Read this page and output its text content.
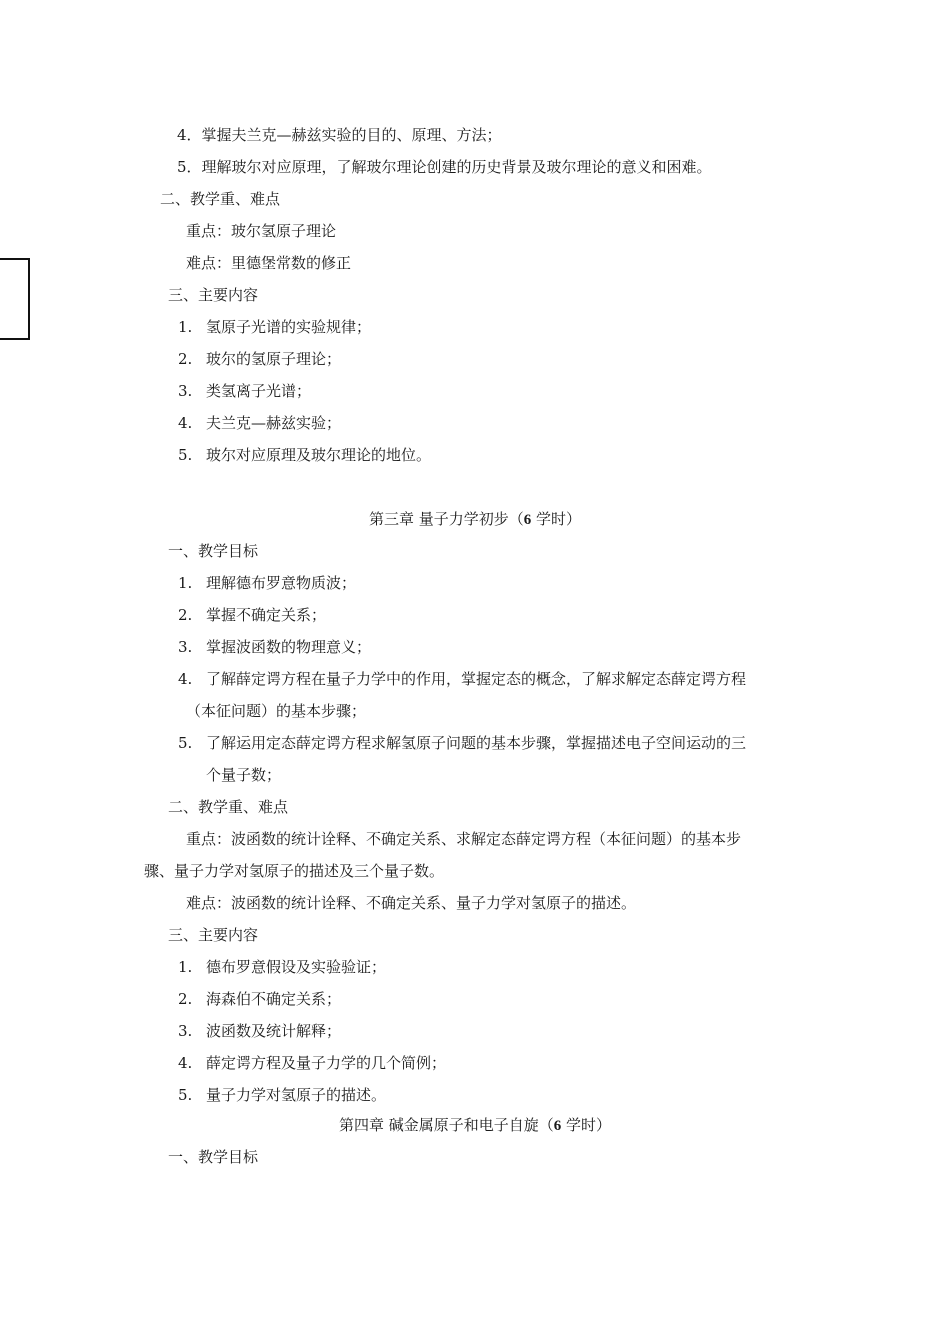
4．掌握夫兰克—赫兹实验的目的、原理、方法；
5．理解玻尔对应原理，了解玻尔理论创建的历史背景及玻尔理论的意义和困难。
二、教学重、难点
重点：玻尔氢原子理论
难点：里德堡常数的修正
三、主要内容
1. 氢原子光谱的实验规律；
2. 玻尔的氢原子理论；
3. 类氢离子光谱；
4. 夫兰克—赫兹实验；
5. 玻尔对应原理及玻尔理论的地位。
第三章 量子力学初步（6 学时）
一、教学目标
1. 理解德布罗意物质波；
2. 掌握不确定关系；
3. 掌握波函数的物理意义；
4. 了解薛定谔方程在量子力学中的作用，掌握定态的概念，了解求解定态薛定谔方程
（本征问题）的基本步骤；
5. 了解运用定态薛定谔方程求解氢原子问题的基本步骤，掌握描述电子空间运动的三
个量子数；
二、教学重、难点
重点：波函数的统计诠释、不确定关系、求解定态薛定谔方程（本征问题）的基本步
骤、量子力学对氢原子的描述及三个量子数。
难点：波函数的统计诠释、不确定关系、量子力学对氢原子的描述。
三、主要内容
1. 德布罗意假设及实验验证；
2. 海森伯不确定关系；
3. 波函数及统计解释；
4. 薛定谔方程及量子力学的几个简例；
5. 量子力学对氢原子的描述。
第四章 碱金属原子和电子自旋（6 学时）
一、教学目标
